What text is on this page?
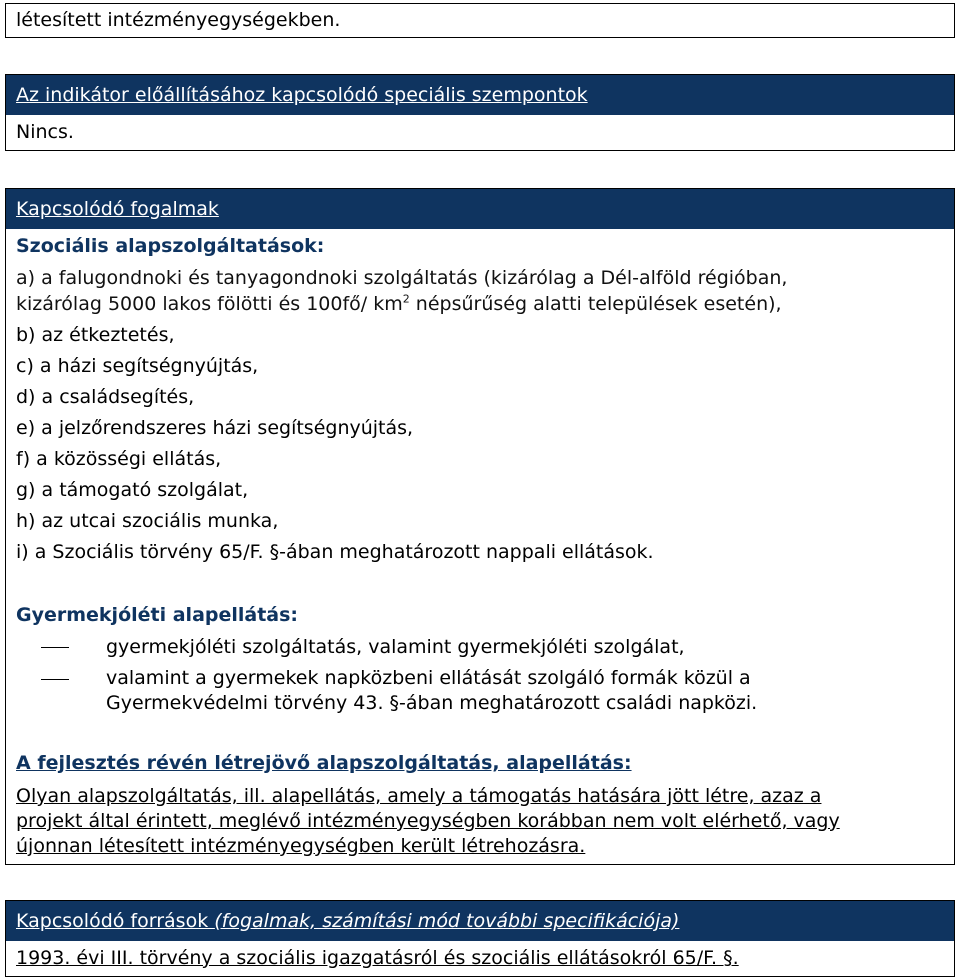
létesített intézményegységekben.
Az indikátor előállításához kapcsolódó speciális szempontok
Nincs.
Kapcsolódó fogalmak
Szociális alapszolgáltatások:
a) a falugondnoki és tanyagondnoki szolgáltatás (kizárólag a Dél-alföld régióban,
kizárólag 5000 lakos fölötti és 100fő/ $km^2$ népsűrűség alatti települések esetén),
b) az étkeztetés,
c) a házi segítségnyújtás,
d) a családsegítés,
e) a jelzőrendszeres házi segítségnyújtás,
f) a közösségi ellátás,
g) a támogató szolgálat,
h) az utcai szociális munka,
i) a Szociális törvény 65/F. §-ában meghatározott nappali ellátások.
Gyermekjóléti alapellátás:
gyermekjóléti szolgáltatás, valamint gyermekjóléti szolgálat,
valamint a gyermekek napközbeni ellátását szolgáló formák közül a
Gyermekvédelmi törvény 43. §-ában meghatározott családi napközi.
A fejlesztés révén létrejövő alapszolgáltatás, alapellátás:
Olyan alapszolgáltatás, ill. alapellátás, amely a támogatás hatására jött létre, azaz a
projekt által érintett, meglévő intézményegységben korábban nem volt elérhető, vagy
újonnan létesített intézményegységben került létrehozásra.
Kapcsolódó források (fogalmak, számítási mód további specifikációja)
1993. évi III. törvény a szociális igazgatásról és szociális ellátásokról 65/F. §.
